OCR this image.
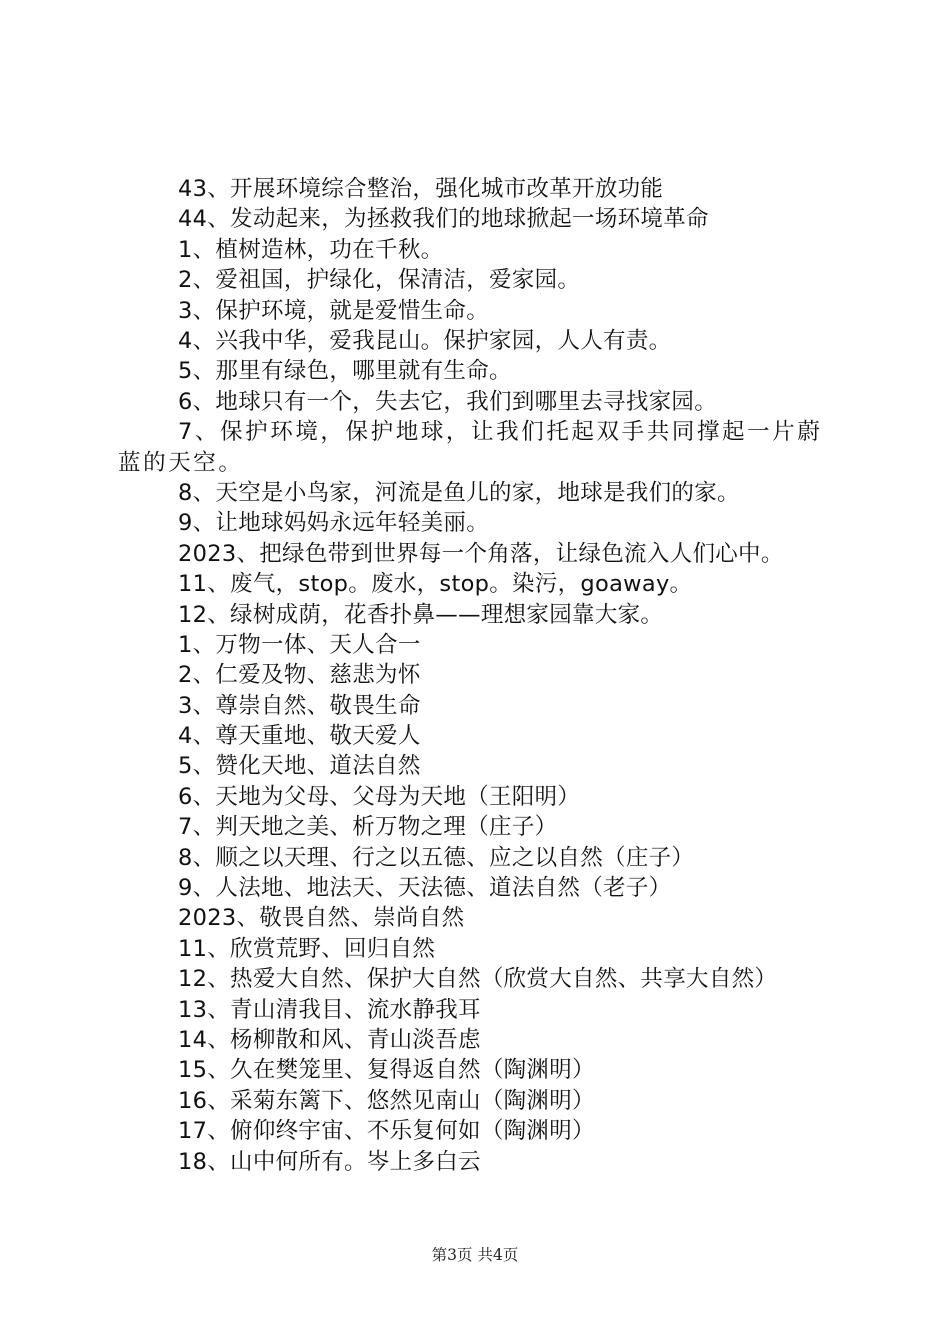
43、开展环境综合整治，强化城市改革开放功能
44、发动起来，为拯救我们的地球掀起一场环境革命
1、植树造林，功在千秋。
2、爱祖国，护绿化，保清洁，爱家园。
3、保护环境，就是爱惜生命。
4、兴我中华，爱我昆山。保护家园，人人有责。
5、那里有绿色，哪里就有生命。
6、地球只有一个，失去它，我们到哪里去寻找家园。
7、保护环境，保护地球，让我们托起双手共同撑起一片蔚蓝的天空。
8、天空是小鸟家，河流是鱼儿的家，地球是我们的家。
9、让地球妈妈永远年轻美丽。
2023、把绿色带到世界每一个角落，让绿色流入人们心中。
11、废气，stop。废水，stop。染污，goaway。
12、绿树成荫，花香扑鼻——理想家园靠大家。
1、万物一体、天人合一
2、仁爱及物、慈悲为怀
3、尊崇自然、敬畏生命
4、尊天重地、敬天爱人
5、赞化天地、道法自然
6、天地为父母、父母为天地（王阳明）
7、判天地之美、析万物之理（庄子）
8、顺之以天理、行之以五德、应之以自然（庄子）
9、人法地、地法天、天法德、道法自然（老子）
2023、敬畏自然、崇尚自然
11、欣赏荒野、回归自然
12、热爱大自然、保护大自然（欣赏大自然、共享大自然）
13、青山清我目、流水静我耳
14、杨柳散和风、青山淡吾虑
15、久在樊笼里、复得返自然（陶渊明）
16、采菊东篱下、悠然见南山（陶渊明）
17、俯仰终宇宙、不乐复何如（陶渊明）
18、山中何所有。岑上多白云
第3页 共4页
